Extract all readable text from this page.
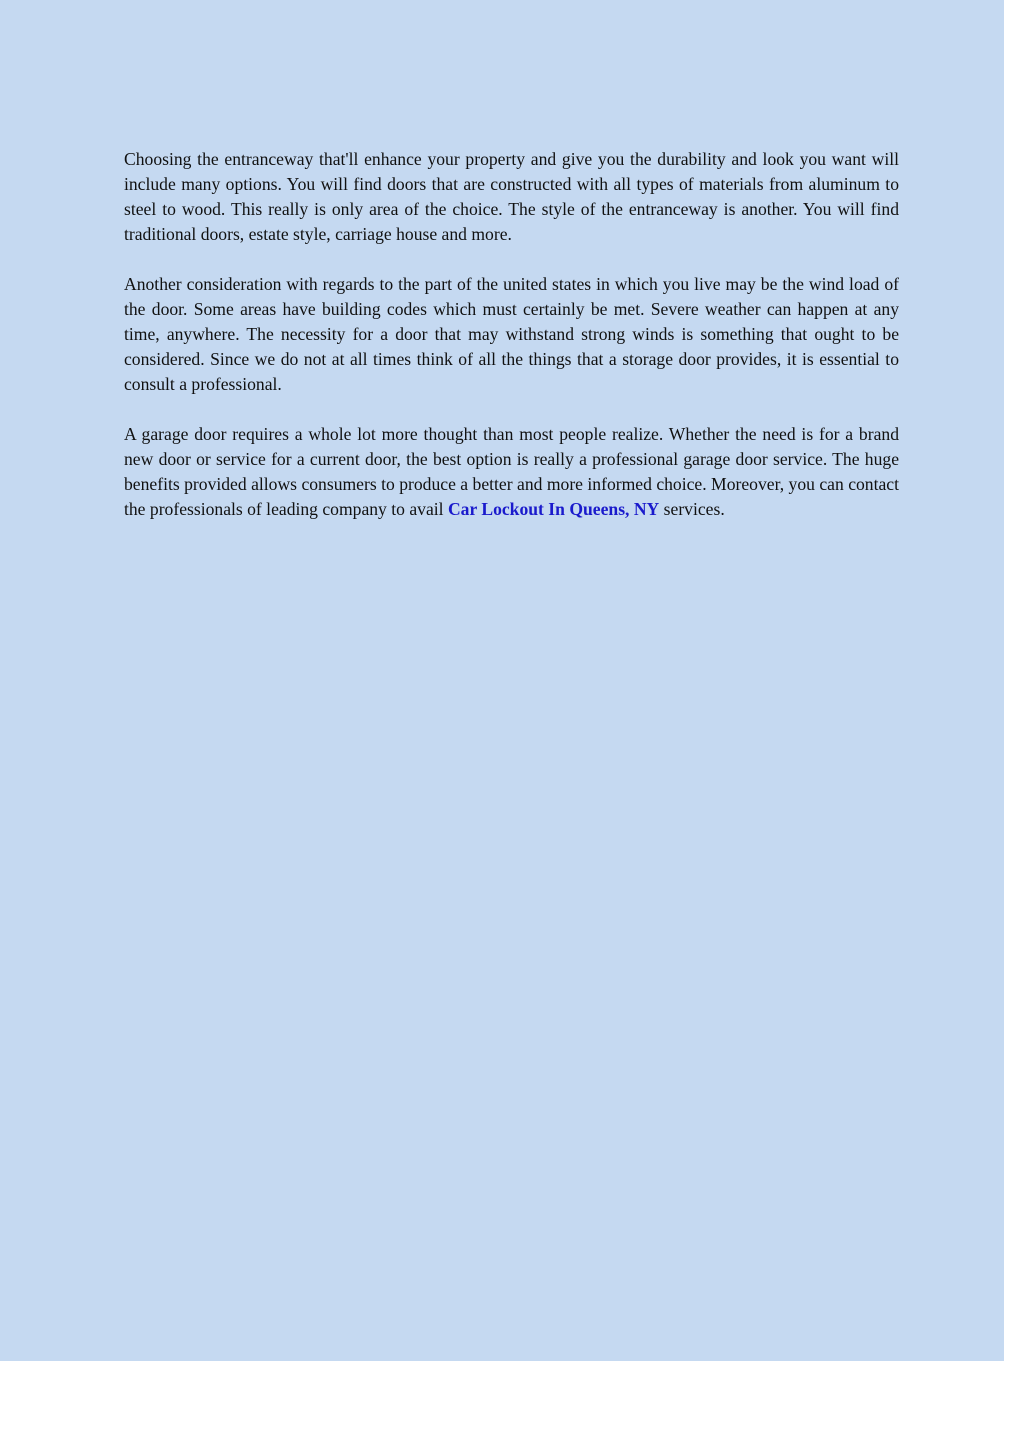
Choosing the entranceway that'll enhance your property and give you the durability and look you want will include many options. You will find doors that are constructed with all types of materials from aluminum to steel to wood. This really is only area of the choice. The style of the entranceway is another. You will find traditional doors, estate style, carriage house and more.

Another consideration with regards to the part of the united states in which you live may be the wind load of the door. Some areas have building codes which must certainly be met. Severe weather can happen at any time, anywhere. The necessity for a door that may withstand strong winds is something that ought to be considered. Since we do not at all times think of all the things that a storage door provides, it is essential to consult a professional.

A garage door requires a whole lot more thought than most people realize. Whether the need is for a brand new door or service for a current door, the best option is really a professional garage door service. The huge benefits provided allows consumers to produce a better and more informed choice. Moreover, you can contact the professionals of leading company to avail Car Lockout In Queens, NY services.
